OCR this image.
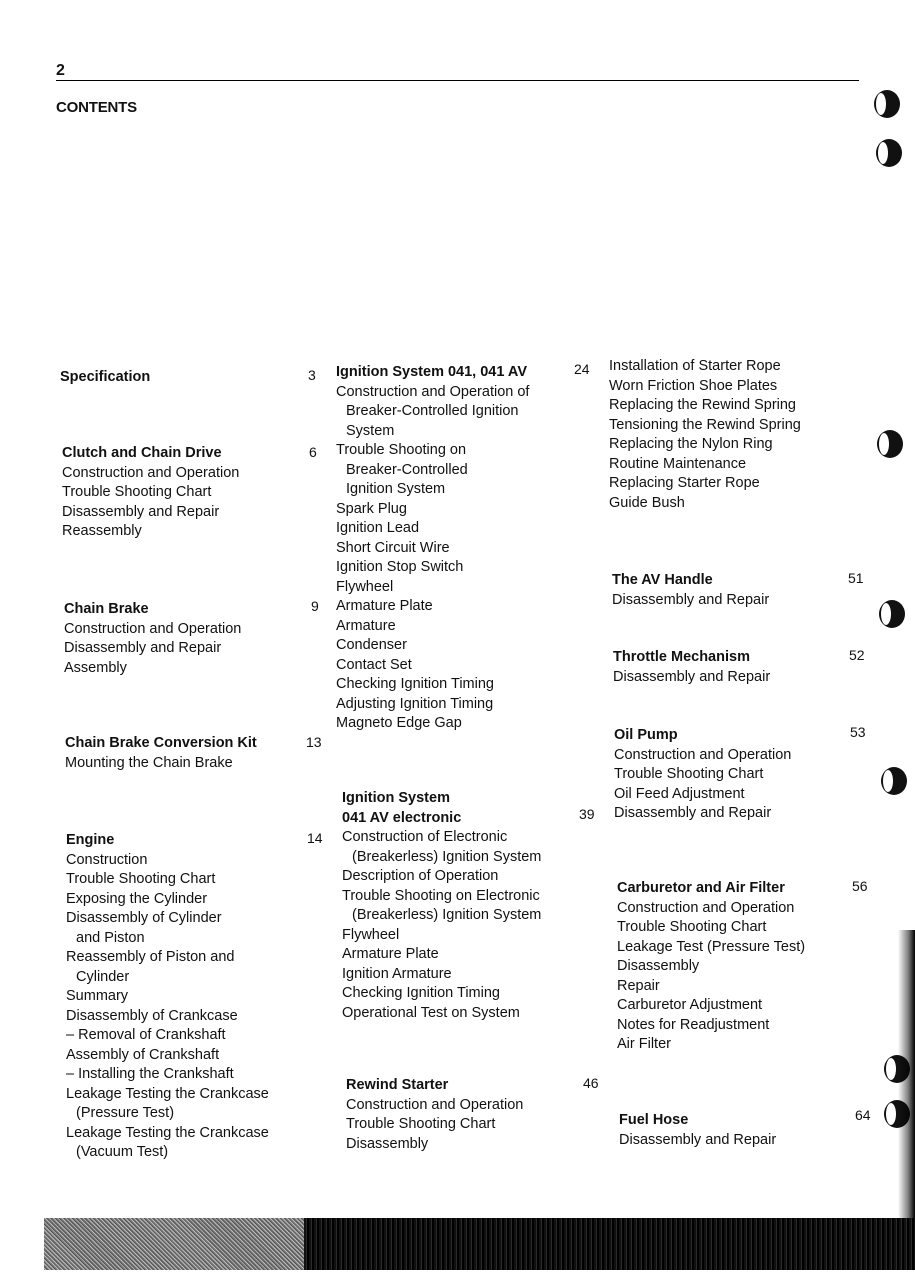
2
CONTENTS
Specification
Clutch and Chain Drive
Construction and Operation
Trouble Shooting Chart
Disassembly and Repair
Reassembly
Chain Brake
Construction and Operation
Disassembly and Repair
Assembly
Chain Brake Conversion Kit
Mounting the Chain Brake
Engine
Construction
Trouble Shooting Chart
Exposing the Cylinder
Disassembly of Cylinder
and Piston
Reassembly of Piston and
Cylinder
Summary
Disassembly of Crankcase
– Removal of Crankshaft
Assembly of Crankshaft
– Installing the Crankshaft
Leakage Testing the Crankcase
(Pressure Test)
Leakage Testing the Crankcase
(Vacuum Test)
3
6
9
13
14
Ignition System 041, 041 AV
Construction and Operation of
Breaker-Controlled Ignition
System
Trouble Shooting on
Breaker-Controlled
Ignition System
Spark Plug
Ignition Lead
Short Circuit Wire
Ignition Stop Switch
Flywheel
Armature Plate
Armature
Condenser
Contact Set
Checking Ignition Timing
Adjusting Ignition Timing
Magneto Edge Gap
Ignition System
041 AV electronic
Construction of Electronic
(Breakerless) Ignition System
Description of Operation
Trouble Shooting on Electronic
(Breakerless) Ignition System
Flywheel
Armature Plate
Ignition Armature
Checking Ignition Timing
Operational Test on System
Rewind Starter
Construction and Operation
Trouble Shooting Chart
Disassembly
24
39
46
Installation of Starter Rope
Worn Friction Shoe Plates
Replacing the Rewind Spring
Tensioning the Rewind Spring
Replacing the Nylon Ring
Routine Maintenance
Replacing Starter Rope
Guide Bush
The AV Handle
Disassembly and Repair
Throttle Mechanism
Disassembly and Repair
Oil Pump
Construction and Operation
Trouble Shooting Chart
Oil Feed Adjustment
Disassembly and Repair
Carburetor and Air Filter
Construction and Operation
Trouble Shooting Chart
Leakage Test (Pressure Test)
Disassembly
Repair
Carburetor Adjustment
Notes for Readjustment
Air Filter
Fuel Hose
Disassembly and Repair
51
52
53
56
64
